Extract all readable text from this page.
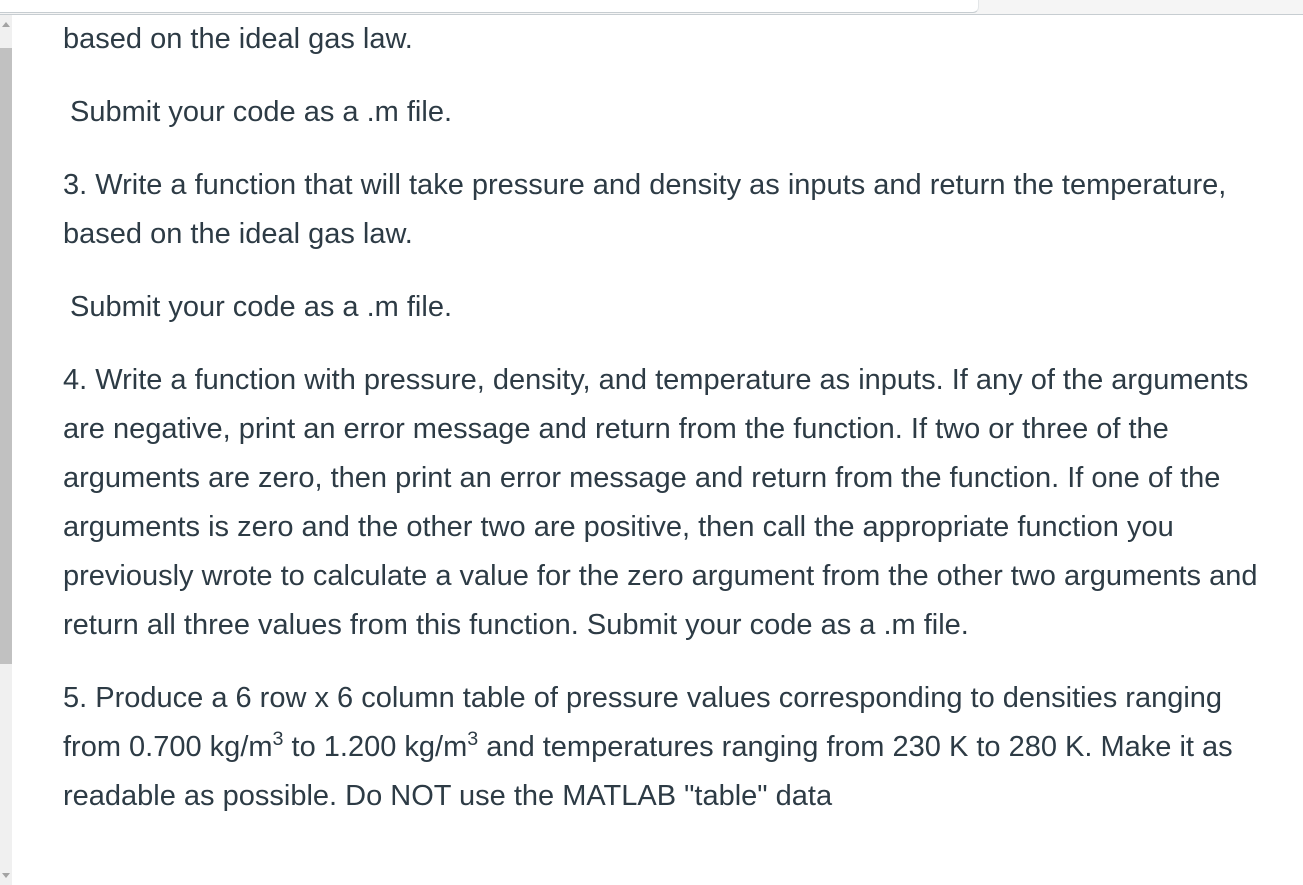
based on the ideal gas law.

Submit your code as a .m file.

3. Write a function that will take pressure and density as inputs and return the temperature, based on the ideal gas law.

Submit your code as a .m file.

4. Write a function with pressure, density, and temperature as inputs. If any of the arguments are negative, print an error message and return from the function. If two or three of the arguments are zero, then print an error message and return from the function. If one of the arguments is zero and the other two are positive, then call the appropriate function you previously wrote to calculate a value for the zero argument from the other two arguments and return all three values from this function. Submit your code as a .m file.

5. Produce a 6 row x 6 column table of pressure values corresponding to densities ranging from 0.700 $kg/m^3$ to 1.200 $kg/m^3$ and temperatures ranging from 230 K to 280 K. Make it as readable as possible. Do NOT use the MATLAB "table" data
